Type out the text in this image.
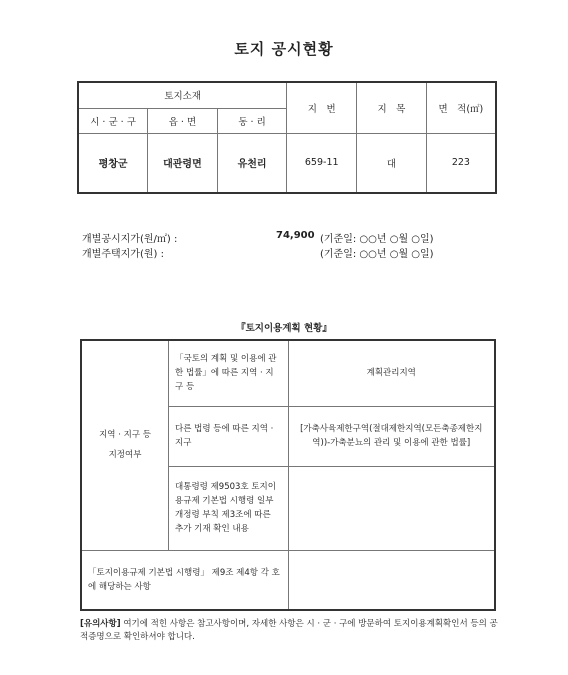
토지 공시현황
토지소재			지　번	지　목	면　적(㎡)
시 · 군 · 구	읍 · 면	동 · 리			
평창군	대관령면	유천리	659-11	대	223
개별공시지가(원/㎡) :	74,900 (기준일: ○○년 ○월 ○일)
개별주택지가(원) :	(기준일: ○○년 ○월 ○일)
『토지이용계획 현황』
지역 · 지구 등
지정여부	「국토의 계획 및 이용에 관한 법률」에 따른 지역 · 지구 등	계획관리지역
	다른 법령 등에 따른 지역 · 지구	[가축사육제한구역(절대제한지역(모든축종제한지역))-가축분뇨의 관리 및 이용에 관한 법률]
	대통령령 제9503호 토지이용규제 기본법 시행령 일부개정령 부칙 제3조에 따른 추가 기재 확인 내용	
「토지이용규제 기본법 시행령」 제9조 제4항 각 호에 해당하는 사항		
[유의사항] 여기에 적힌 사항은 참고사항이며, 자세한 사항은 시 · 군 · 구에 방문하여 토지이용계획확인서 등의 공적증명으로 확인하셔야 합니다.
